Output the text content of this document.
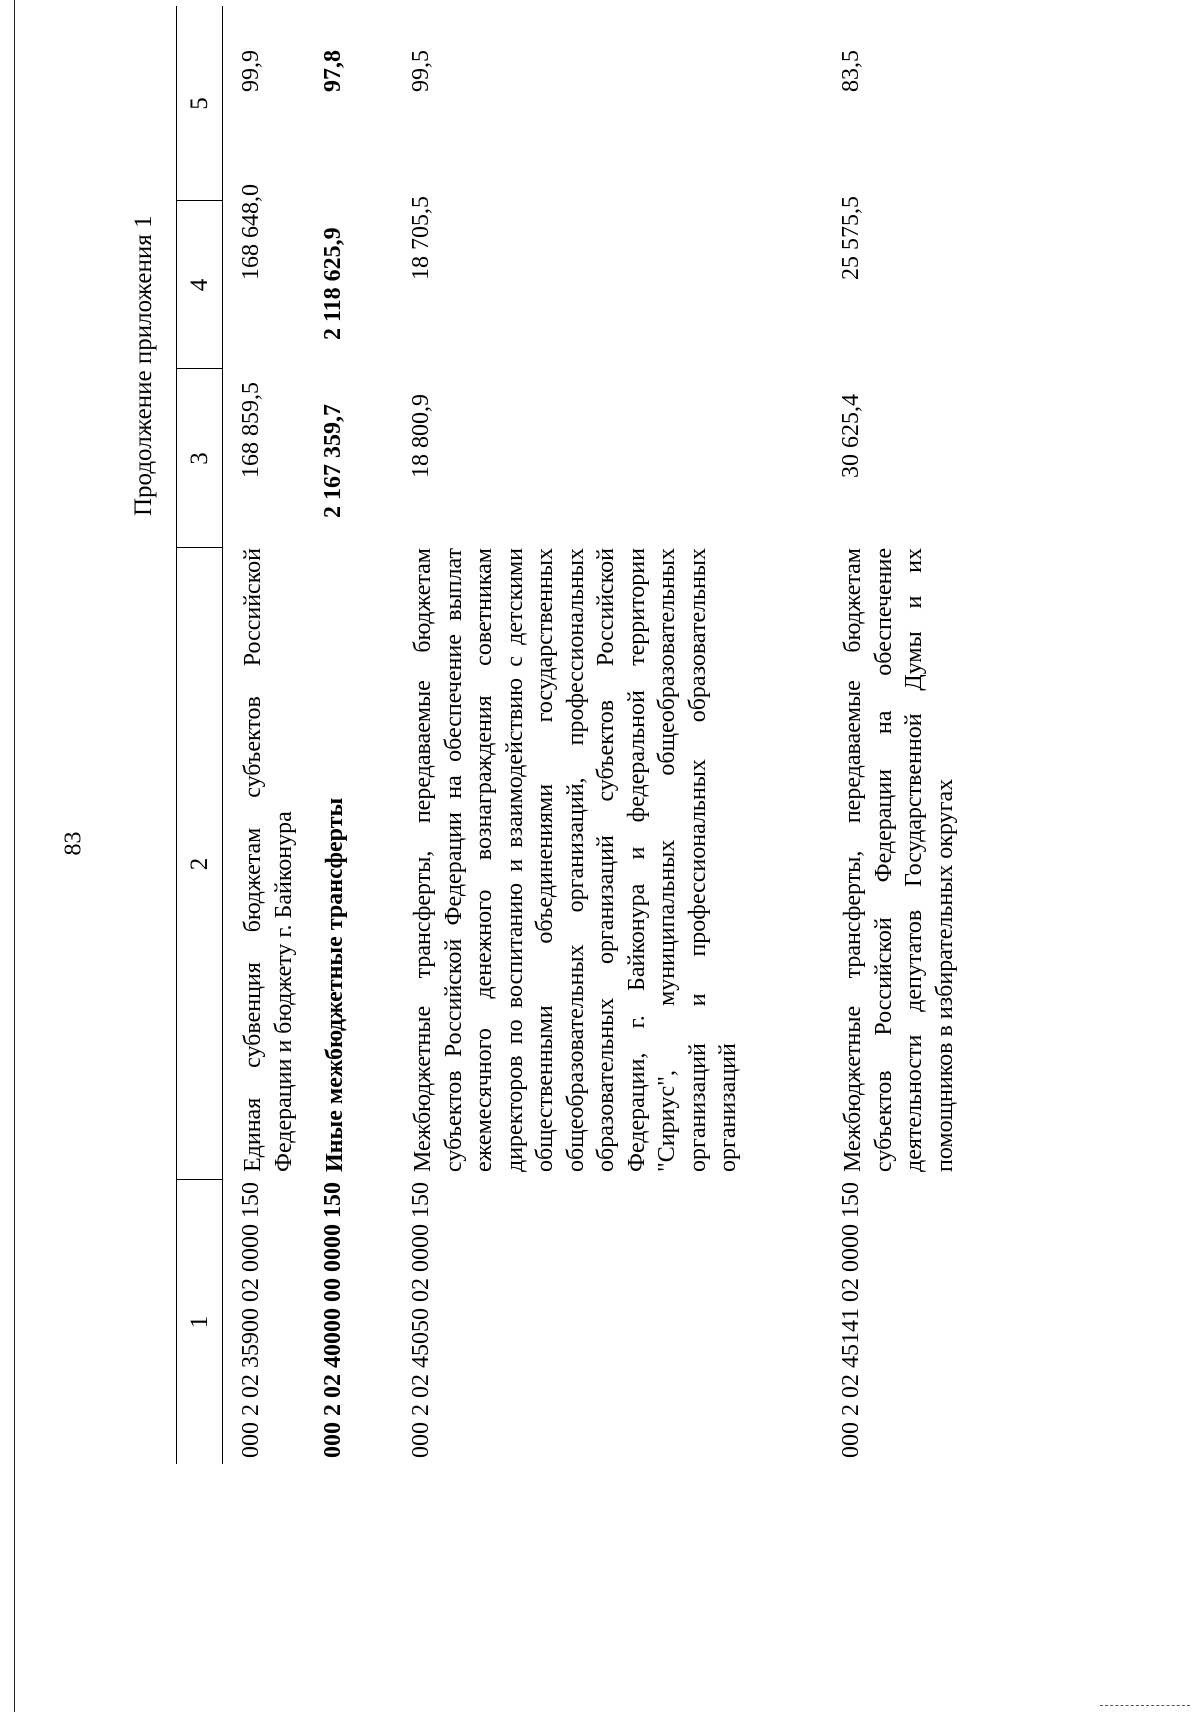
83
Продолжение приложения 1
1
2
3
4
5
000 2 02 35900 02 0000 150
Единая субвенция бюджетам субъектов Российской Федерации и бюджету г. Байконура
168 859,5
168 648,0
99,9
000 2 02 40000 00 0000 150
Иные межбюджетные трансферты
2 167 359,7
2 118 625,9
97,8
000 2 02 45050 02 0000 150
Межбюджетные трансферты, передаваемые бюджетам субъектов Российской Федерации на обеспечение выплат ежемесячного денежного вознаграждения советникам директоров по воспитанию и взаимодействию с детскими общественными объединениями государственных общеобразовательных организаций, профессиональных образовательных организаций субъектов Российской Федерации, г. Байконура и федеральной территории "Сириус", муниципальных общеобразовательных организаций и профессиональных образовательных организаций
18 800,9
18 705,5
99,5
000 2 02 45141 02 0000 150
Межбюджетные трансферты, передаваемые бюджетам субъектов Российской Федерации на обеспечение деятельности депутатов Государственной Думы и их помощников в избирательных округах
30 625,4
25 575,5
83,5
